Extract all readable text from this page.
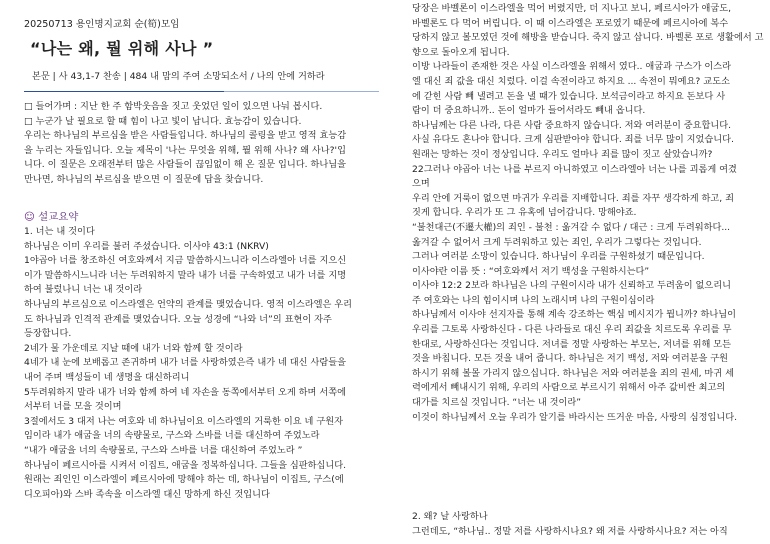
20250713 용인명지교회 순(筍)모임
“나는 왜, 뭘 위해 사나 ”
본문 | 사 43,1-7 찬송 | 484 내 맘의 주여 소망되소서 / 나의 안에 거하라
□ 들어가며 : 지난 한 주 함박웃음을 짓고 웃었던 일이 있으면 나눠 봅시다.
□ 누군가 날 필요로 할 때 힘이 나고 빛이 납니다. 효능감이 있습니다.
우리는 하나님의 부르심을 받은 사람들입니다. 하나님의 콜링을 받고 영적 효능감
을 누리는 자들입니다. 오늘 제목이 '나는 무엇을 위해, 뭘 위해 사나? 왜 사나?'입
니다. 이 질문은 오래전부터 많은 사람들이 끊임없이 해 온 질문 입니다. 하나님을
만나면, 하나님의 부르심을 받으면 이 질문에 답을 찾습니다.
☺ 설교요약
1. 너는 내 것이다
하나님은 이미 우리를 불러 주셨습니다. 이사야 43:1 (NKRV)
1야곱아 너를 창조하신 여호와께서 지금 말씀하시느니라 이스라엘아 너를 지으신
이가 말씀하시느니라 너는 두려워하지 말라 내가 너를 구속하였고 내가 너를 지명
하여 불렀나니 너는 내 것이라
하나님의 부르심으로 이스라엘은 언약의 관계를 맺었습니다. 영적 이스라엘은 우리
도 하나님과 인격적 관계를 맺었습니다. 오늘 성경에 “나와 너”의 표현이 자주
등장합니다.
2네가 물 가운데로 지날 때에 내가 너와 함께 할 것이라
4네가 내 눈에 보배롭고 존귀하며 내가 너를 사랑하였은즉 내가 네 대신 사람들을
내어 주며 백성들이 네 생명을 대신하리니
5두려워하지 말라 내가 너와 함께 하여 네 자손을 동쪽에서부터 오게 하며 서쪽에
서부터 너를 모을 것이며
3절에서도 3 대저 나는 여호와 네 하나님이요 이스라엘의 거룩한 이요 네 구원자
임이라 내가 애굽을 너의 속량물로, 구스와 스바를 너를 대신하여 주었노라
“내가 애굽을 너의 속량물로, 구스와 스바를 너를 대신하여 주었노라 ”
하나님이 페르시아를 시켜서 이집트, 애굽을 정복하십니다. 그들을 심판하십니다.
원래는 죄인인 이스라엘이 페르시아에 망해야 하는 데, 하나님이 이집트, 구스(에
디오피아)와 스바 족속을 이스라엘 대신 망하게 하신 것입니다
당장은 바벨론이 이스라엘을 먹어 버렸지만, 더 지나고 보니, 페르시아가 애굽도,
바벨론도 다 먹어 버립니다. 이 때 이스라엘은 포로였기 때문에 페르시아에 복수
당하지 않고 볼모였던 것에 해방을 받습니다. 죽지 않고 삽니다. 바벨론 포로 생활에서 고
향으로 돌아오게 됩니다.
이방 나라들이 존재한 것은 사실 이스라엘을 위해서 였다.. 애굽과 구스가 이스라
엘 대신 죄 값을 대신 치렀다. 이걸 속전이라고 하지요 ... 속전이 뭐예요? 교도소
에 갇힌 사람 빼 낼려고 돈을 낼 때가 있습니다. 보석금이라고 하지요 돈보다 사
람이 더 중요하니까.. 돈이 얼마가 들어서라도 빼내 옵니다.
하나님께는 다른 나라, 다른 사람 중요하지 않습니다. 저와 여러분이 중요합니다.
사실 유다도 혼나야 합니다. 크게 심판받아야 합니다. 죄를 너무 많이 지었습니다.
원래는 망하는 것이 정상입니다. 우리도 얼마나 죄를 많이 짓고 살았습니까?
22그러나 야곱아 너는 나를 부르지 아니하였고 이스라엘아 너는 나를 괴롭게 여겼
으며
우리 안에 거룩이 없으면 마귀가 우리를 지배합니다. 죄를 자꾸 생각하게 하고, 죄
짓게 합니다. 우리가 또 그 유혹에 넘어갑니다. 망해야죠.
“불천대근(不遷大權)의 죄인 - 불천 : 옮겨갈 수 없다 / 대근 : 크게 두려워하다...
옮겨갈 수 없어서 크게 두려워하고 있는 죄인, 우리가 그렇다는 것입니다.
그러나 여러분 소망이 있습니다. 하나님이 우리를 구원하셨기 때문입니다.
이사야란 이름 뜻 : “여호와께서 저기 백성을 구원하시는다”
이사야 12:2 2보라 하나님은 나의 구원이시라 내가 신뢰하고 두려움이 없으리니
주 여호와는 나의 힘이시며 나의 노래시며 나의 구원이심이라
하나님께서 이사야 선지자를 통해 계속 강조하는 핵심 메시지가 뭡니까? 하나님이
우리를 그토록 사랑하신다 - 다른 나라들로 대신 우리 죄값을 치르도록 우리를 무
한대로, 사랑하신다는 것입니다. 저녀를 정말 사랑하는 부모는, 저녀를 위해 모든
것을 바칩니다. 모든 것을 내어 줍니다. 하나님은 저기 백성, 저와 여러분을 구원
하시기 위해 볼몰 가리지 않으십니다. 하나님은 저와 여러분을 죄의 권세, 마귀 세
력에게서 빼내시기 위해, 우리의 사람으로 부르시기 위해서 아주 값비싼 최고의
대가를 치르실 것입니다. “너는 내 것이라”
이것이 하나님께서 오늘 우리가 알기를 바라시는 뜨거운 마음, 사랑의 심정입니다.
2. 왜? 날 사랑하나
그런데도, “하나님.. 정말 저를 사랑하시나요? 왜 저를 사랑하시나요? 저는 아직
